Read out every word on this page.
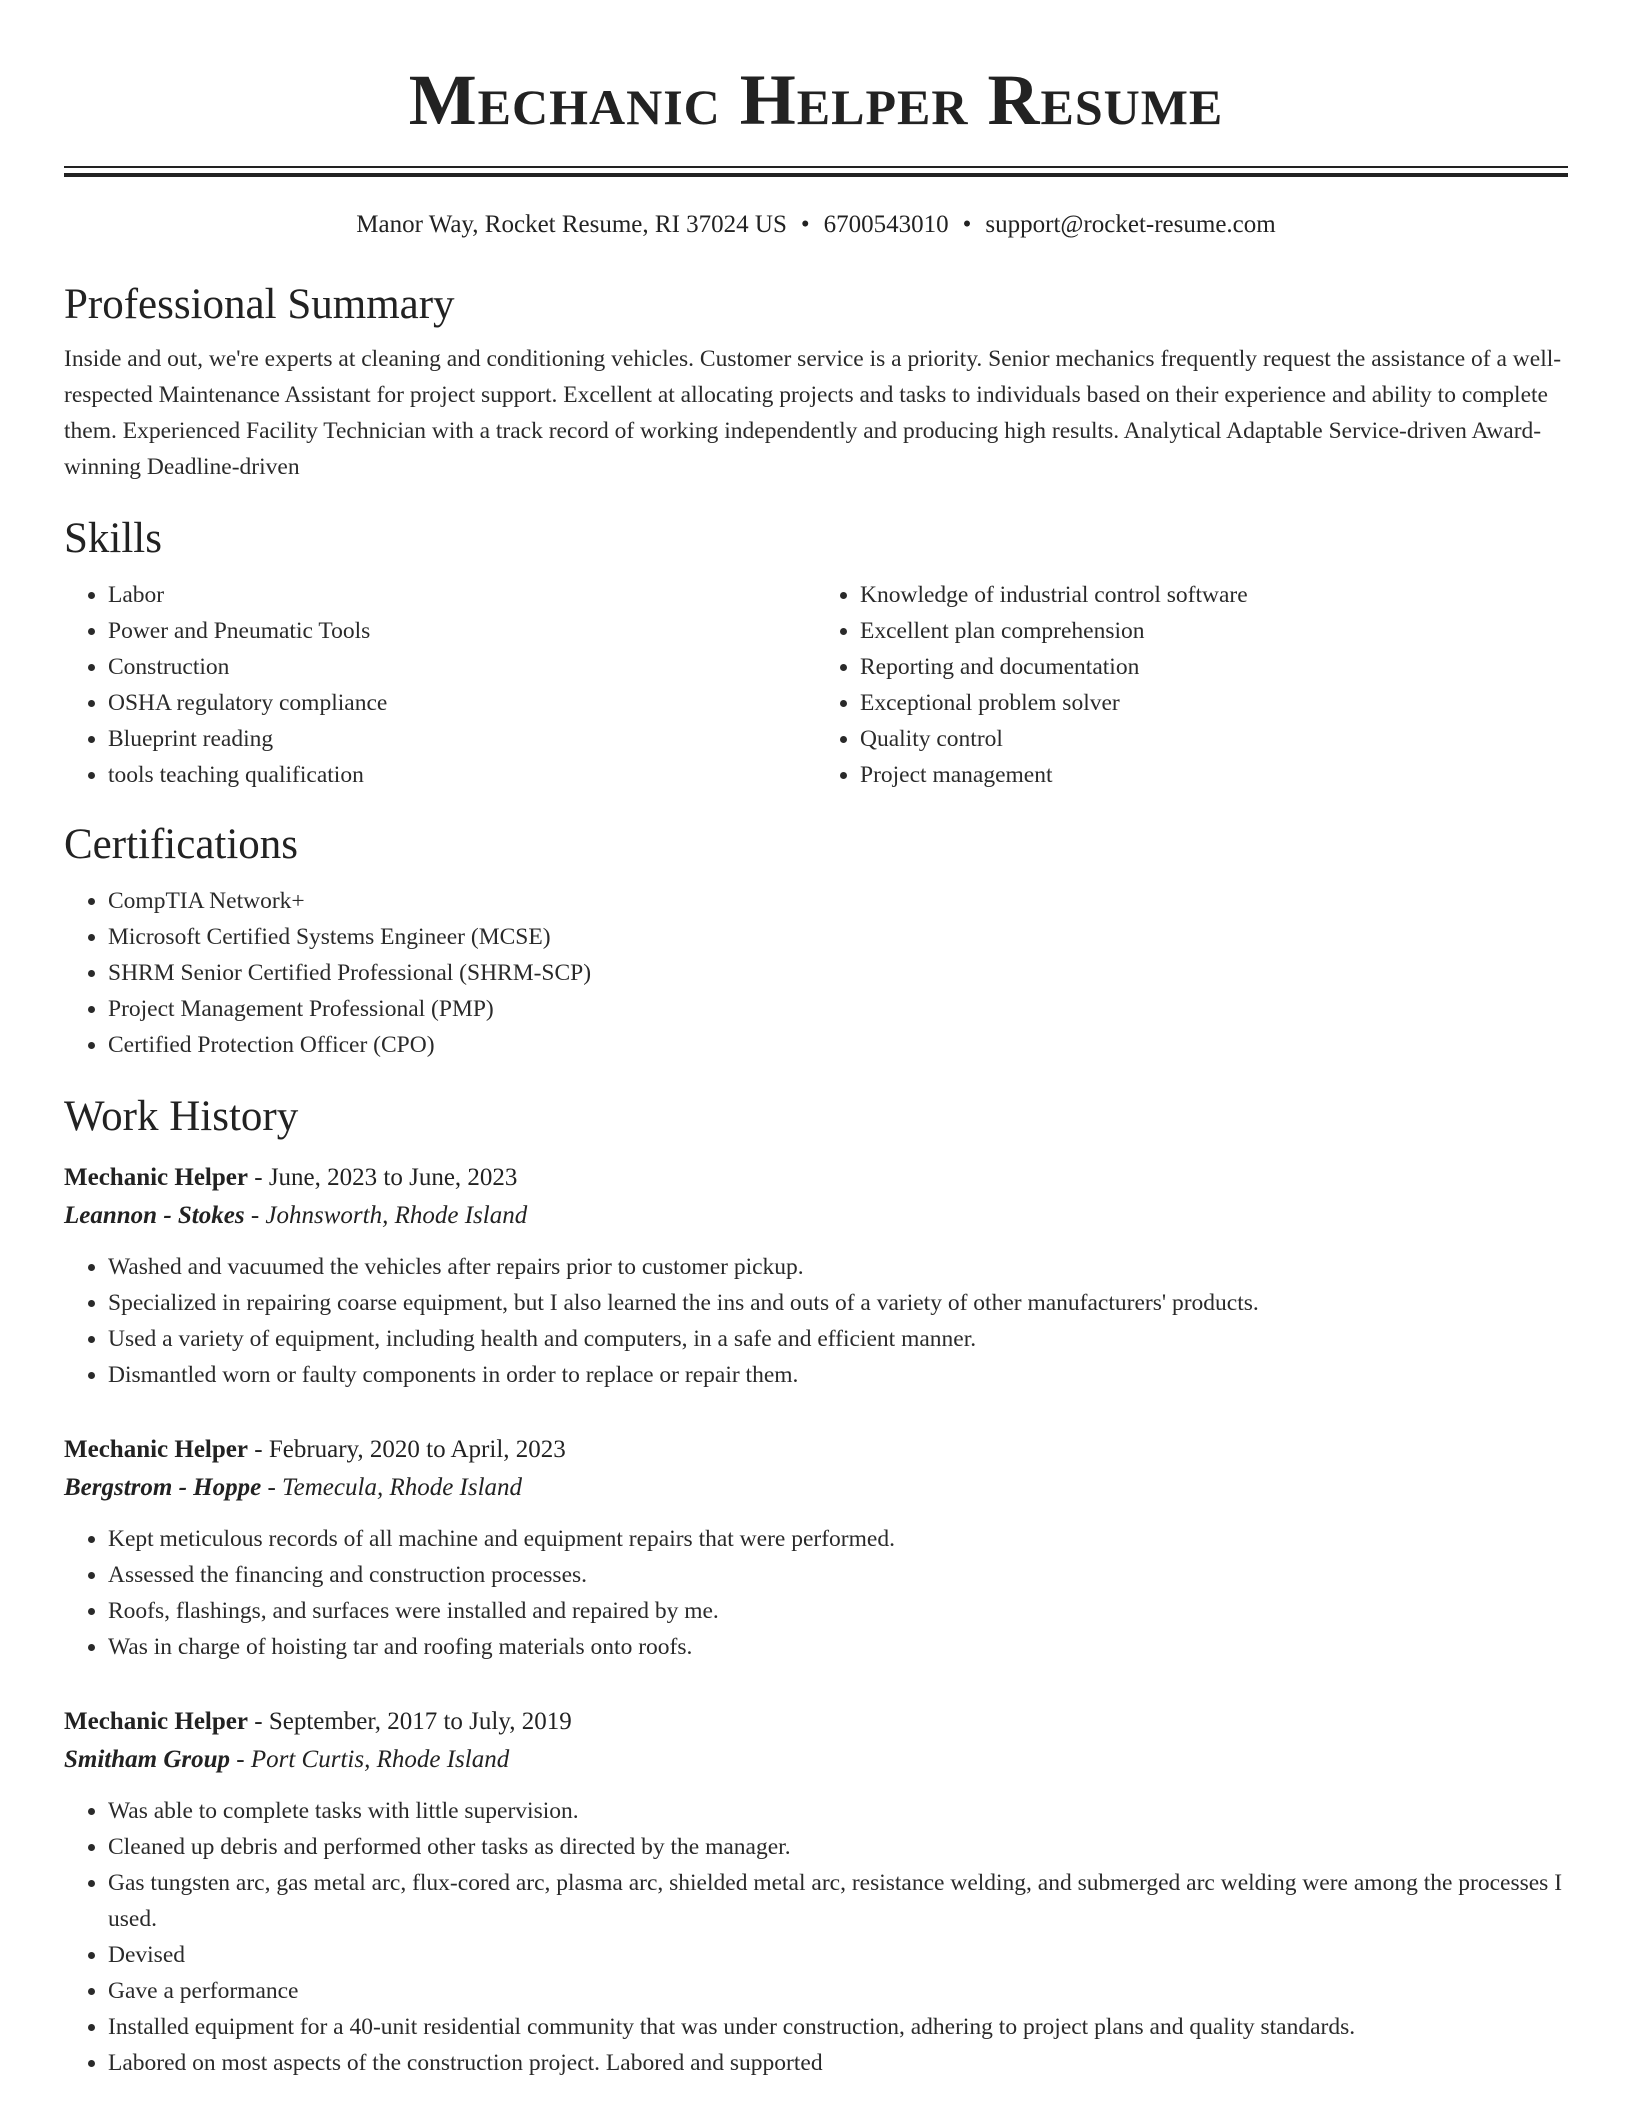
Mechanic Helper Resume
Manor Way, Rocket Resume, RI 37024 US • 6700543010 • support@rocket-resume.com
Professional Summary
Inside and out, we're experts at cleaning and conditioning vehicles. Customer service is a priority. Senior mechanics frequently request the assistance of a well-respected Maintenance Assistant for project support. Excellent at allocating projects and tasks to individuals based on their experience and ability to complete them. Experienced Facility Technician with a track record of working independently and producing high results. Analytical Adaptable Service-driven Award-winning Deadline-driven
Skills
• Labor
• Power and Pneumatic Tools
• Construction
• OSHA regulatory compliance
• Blueprint reading
• tools teaching qualification
• Knowledge of industrial control software
• Excellent plan comprehension
• Reporting and documentation
• Exceptional problem solver
• Quality control
• Project management
Certifications
• CompTIA Network+
• Microsoft Certified Systems Engineer (MCSE)
• SHRM Senior Certified Professional (SHRM-SCP)
• Project Management Professional (PMP)
• Certified Protection Officer (CPO)
Work History
Mechanic Helper - June, 2023 to June, 2023
Leannon - Stokes - Johnsworth, Rhode Island
• Washed and vacuumed the vehicles after repairs prior to customer pickup.
• Specialized in repairing coarse equipment, but I also learned the ins and outs of a variety of other manufacturers' products.
• Used a variety of equipment, including health and computers, in a safe and efficient manner.
• Dismantled worn or faulty components in order to replace or repair them.
Mechanic Helper - February, 2020 to April, 2023
Bergstrom - Hoppe - Temecula, Rhode Island
• Kept meticulous records of all machine and equipment repairs that were performed.
• Assessed the financing and construction processes.
• Roofs, flashings, and surfaces were installed and repaired by me.
• Was in charge of hoisting tar and roofing materials onto roofs.
Mechanic Helper - September, 2017 to July, 2019
Smitham Group - Port Curtis, Rhode Island
• Was able to complete tasks with little supervision.
• Cleaned up debris and performed other tasks as directed by the manager.
• Gas tungsten arc, gas metal arc, flux-cored arc, plasma arc, shielded metal arc, resistance welding, and submerged arc welding were among the processes I used.
• Devised
• Gave a performance
• Installed equipment for a 40-unit residential community that was under construction, adhering to project plans and quality standards.
• Labored on most aspects of the construction project. Labored and supported
